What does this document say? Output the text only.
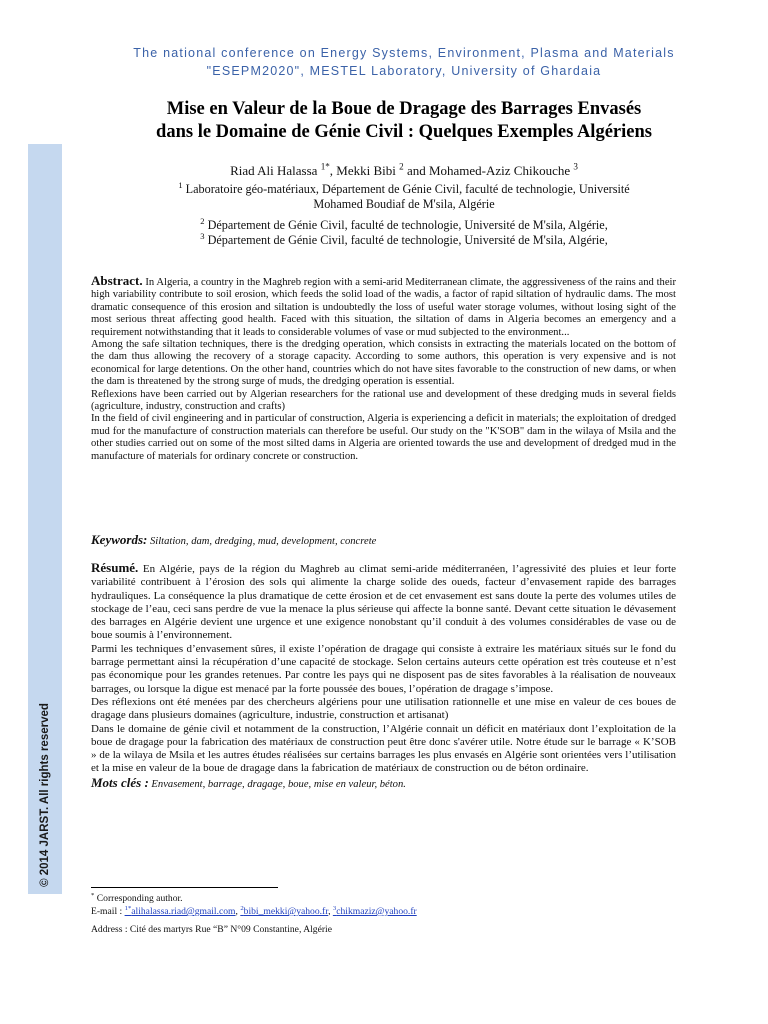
© 2014 JARST. All rights reserved
The national conference on Energy Systems, Environment, Plasma and Materials
"ESEPM2020", MESTEL Laboratory, University of Ghardaia
Mise en Valeur de la Boue de Dragage des Barrages Envasés
dans le Domaine de Génie Civil : Quelques Exemples Algériens
Riad Ali Halassa $^{1*}$, Mekki Bibi $^2$ and Mohamed-Aziz Chikouche $^3$
$^1$ Laboratoire géo-matériaux, Département de Génie Civil, faculté de technologie, Université
Mohamed Boudiaf de M'sila, Algérie
$^2$ Département de Génie Civil, faculté de technologie, Université de M'sila, Algérie,
$^3$ Département de Génie Civil, faculté de technologie, Université de M'sila, Algérie,

Abstract. In Algeria, a country in the Maghreb region with a semi-arid Mediterranean climate, the aggressiveness of the rains and their high variability contribute to soil erosion, which feeds the solid load of the wadis, a factor of rapid siltation of hydraulic dams. The most dramatic consequence of this erosion and siltation is undoubtedly the loss of useful water storage volumes, without losing sight of the most serious threat affecting good health. Faced with this situation, the siltation of dams in Algeria becomes an emergency and a requirement notwithstanding that it leads to considerable volumes of vase or mud subjected to the environment...

Among the safe siltation techniques, there is the dredging operation, which consists in extracting the materials located on the bottom of the dam thus allowing the recovery of a storage capacity. According to some authors, this operation is very expensive and is not economical for large detentions. On the other hand, countries which do not have sites favorable to the construction of new dams, or when the dam is threatened by the strong surge of muds, the dredging operation is essential.

Reflexions have been carried out by Algerian researchers for the rational use and development of these dredging muds in several fields (agriculture, industry, construction and crafts)

In the field of civil engineering and in particular of construction, Algeria is experiencing a deficit in materials; the exploitation of dredged mud for the manufacture of construction materials can therefore be useful. Our study on the "K'SOB" dam in the wilaya of Msila and the other studies carried out on some of the most silted dams in Algeria are oriented towards the use and development of dredged mud in the manufacture of materials for ordinary concrete or construction.

Keywords: Siltation, dam, dredging, mud, development, concrete

Résumé. En Algérie, pays de la région du Maghreb au climat semi-aride méditerranéen, l’agressivité des pluies et leur forte variabilité contribuent à l’érosion des sols qui alimente la charge solide des oueds, facteur d’envasement rapide des barrages hydrauliques. La conséquence la plus dramatique de cette érosion et de cet envasement est sans doute la perte des volumes utiles de stockage de l’eau, ceci sans perdre de vue la menace la plus sérieuse qui affecte la bonne santé. Devant cette situation le dévasement des barrages en Algérie devient une urgence et une exigence nonobstant qu’il conduit à des volumes considérables de vase ou de boue soumis à l’environnement.

Parmi les techniques d’envasement sûres, il existe l’opération de dragage qui consiste à extraire les matériaux situés sur le fond du barrage permettant ainsi la récupération d’une capacité de stockage. Selon certains auteurs cette opération est très couteuse et n’est pas économique pour les grandes retenues. Par contre les pays qui ne disposent pas de sites favorables à la réalisation de nouveaux barrages, ou lorsque la digue est menacé par la forte poussée des boues, l’opération de dragage s’impose.

Des réflexions ont été menées par des chercheurs algériens pour une utilisation rationnelle et une mise en valeur de ces boues de dragage dans plusieurs domaines (agriculture, industrie, construction et artisanat)

Dans le domaine de génie civil et notamment de la construction, l’Algérie connait un déficit en matériaux dont l’exploitation de la boue de dragage pour la fabrication des matériaux de construction peut être donc s'avérer utile. Notre étude sur le barrage « K’SOB » de la wilaya de Msila et les autres études réalisées sur certains barrages les plus envasés en Algérie sont orientées vers l’utilisation et la mise en valeur de la boue de dragage dans la fabrication de matériaux de construction ou de béton ordinaire.

Mots clés : Envasement, barrage, dragage, boue, mise en valeur, béton.

* Corresponding author.
E-mail : $^{1*}$alihalassa.riad@gmail.com, $^2$bibi_mekki@yahoo.fr, $^3$chikmaziz@yahoo.fr
Address : Cité des martyrs Rue “B” N°09 Constantine, Algérie
